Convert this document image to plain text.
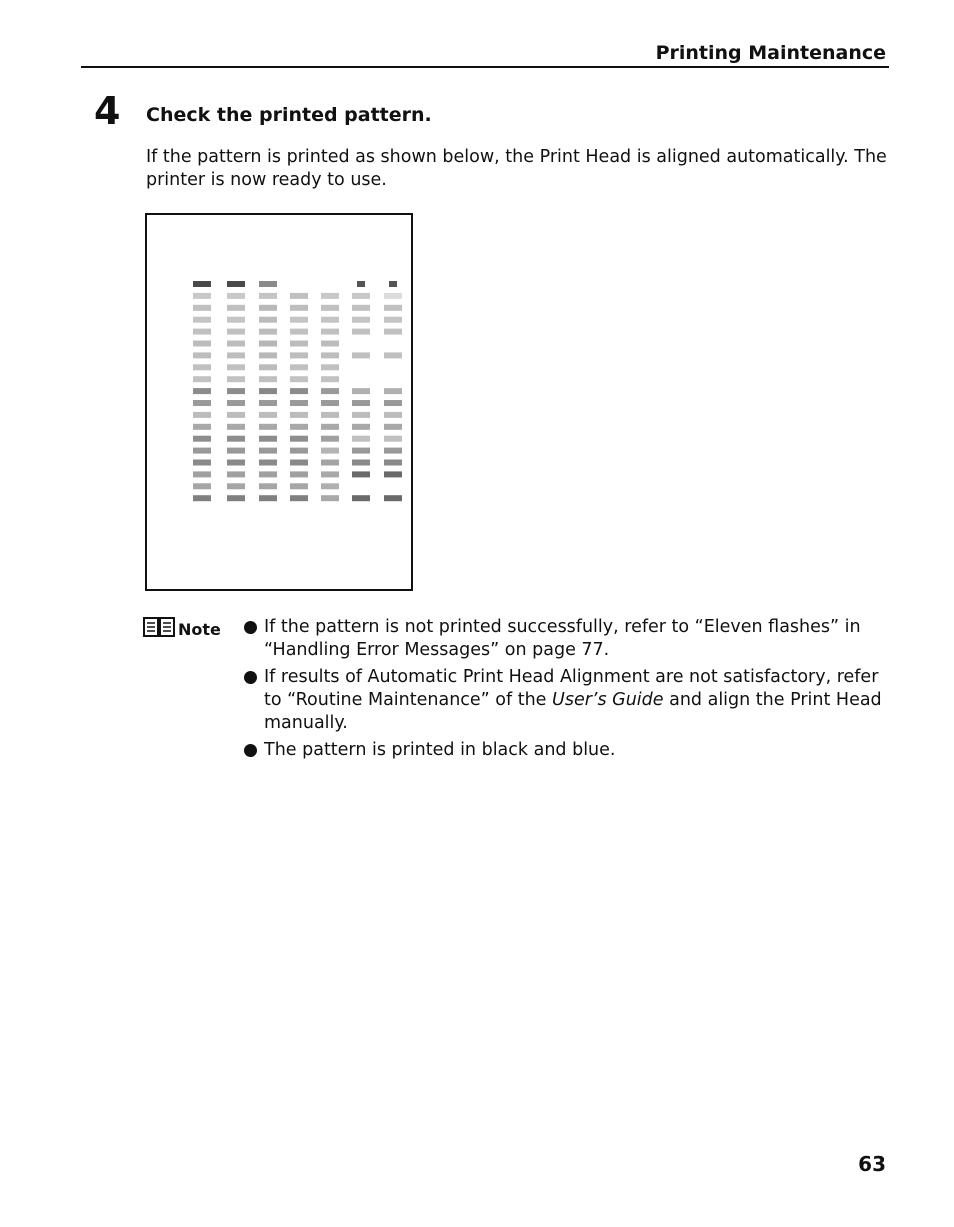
Printing Maintenance
4 Check the printed pattern.
If the pattern is printed as shown below, the Print Head is aligned automatically. The printer is now ready to use.
Note	If the pattern is not printed successfully, refer to “Eleven flashes” in “Handling Error Messages” on page 77.
If results of Automatic Print Head Alignment are not satisfactory, refer to “Routine Maintenance” of the User’s Guide and align the Print Head manually.
The pattern is printed in black and blue.
63
